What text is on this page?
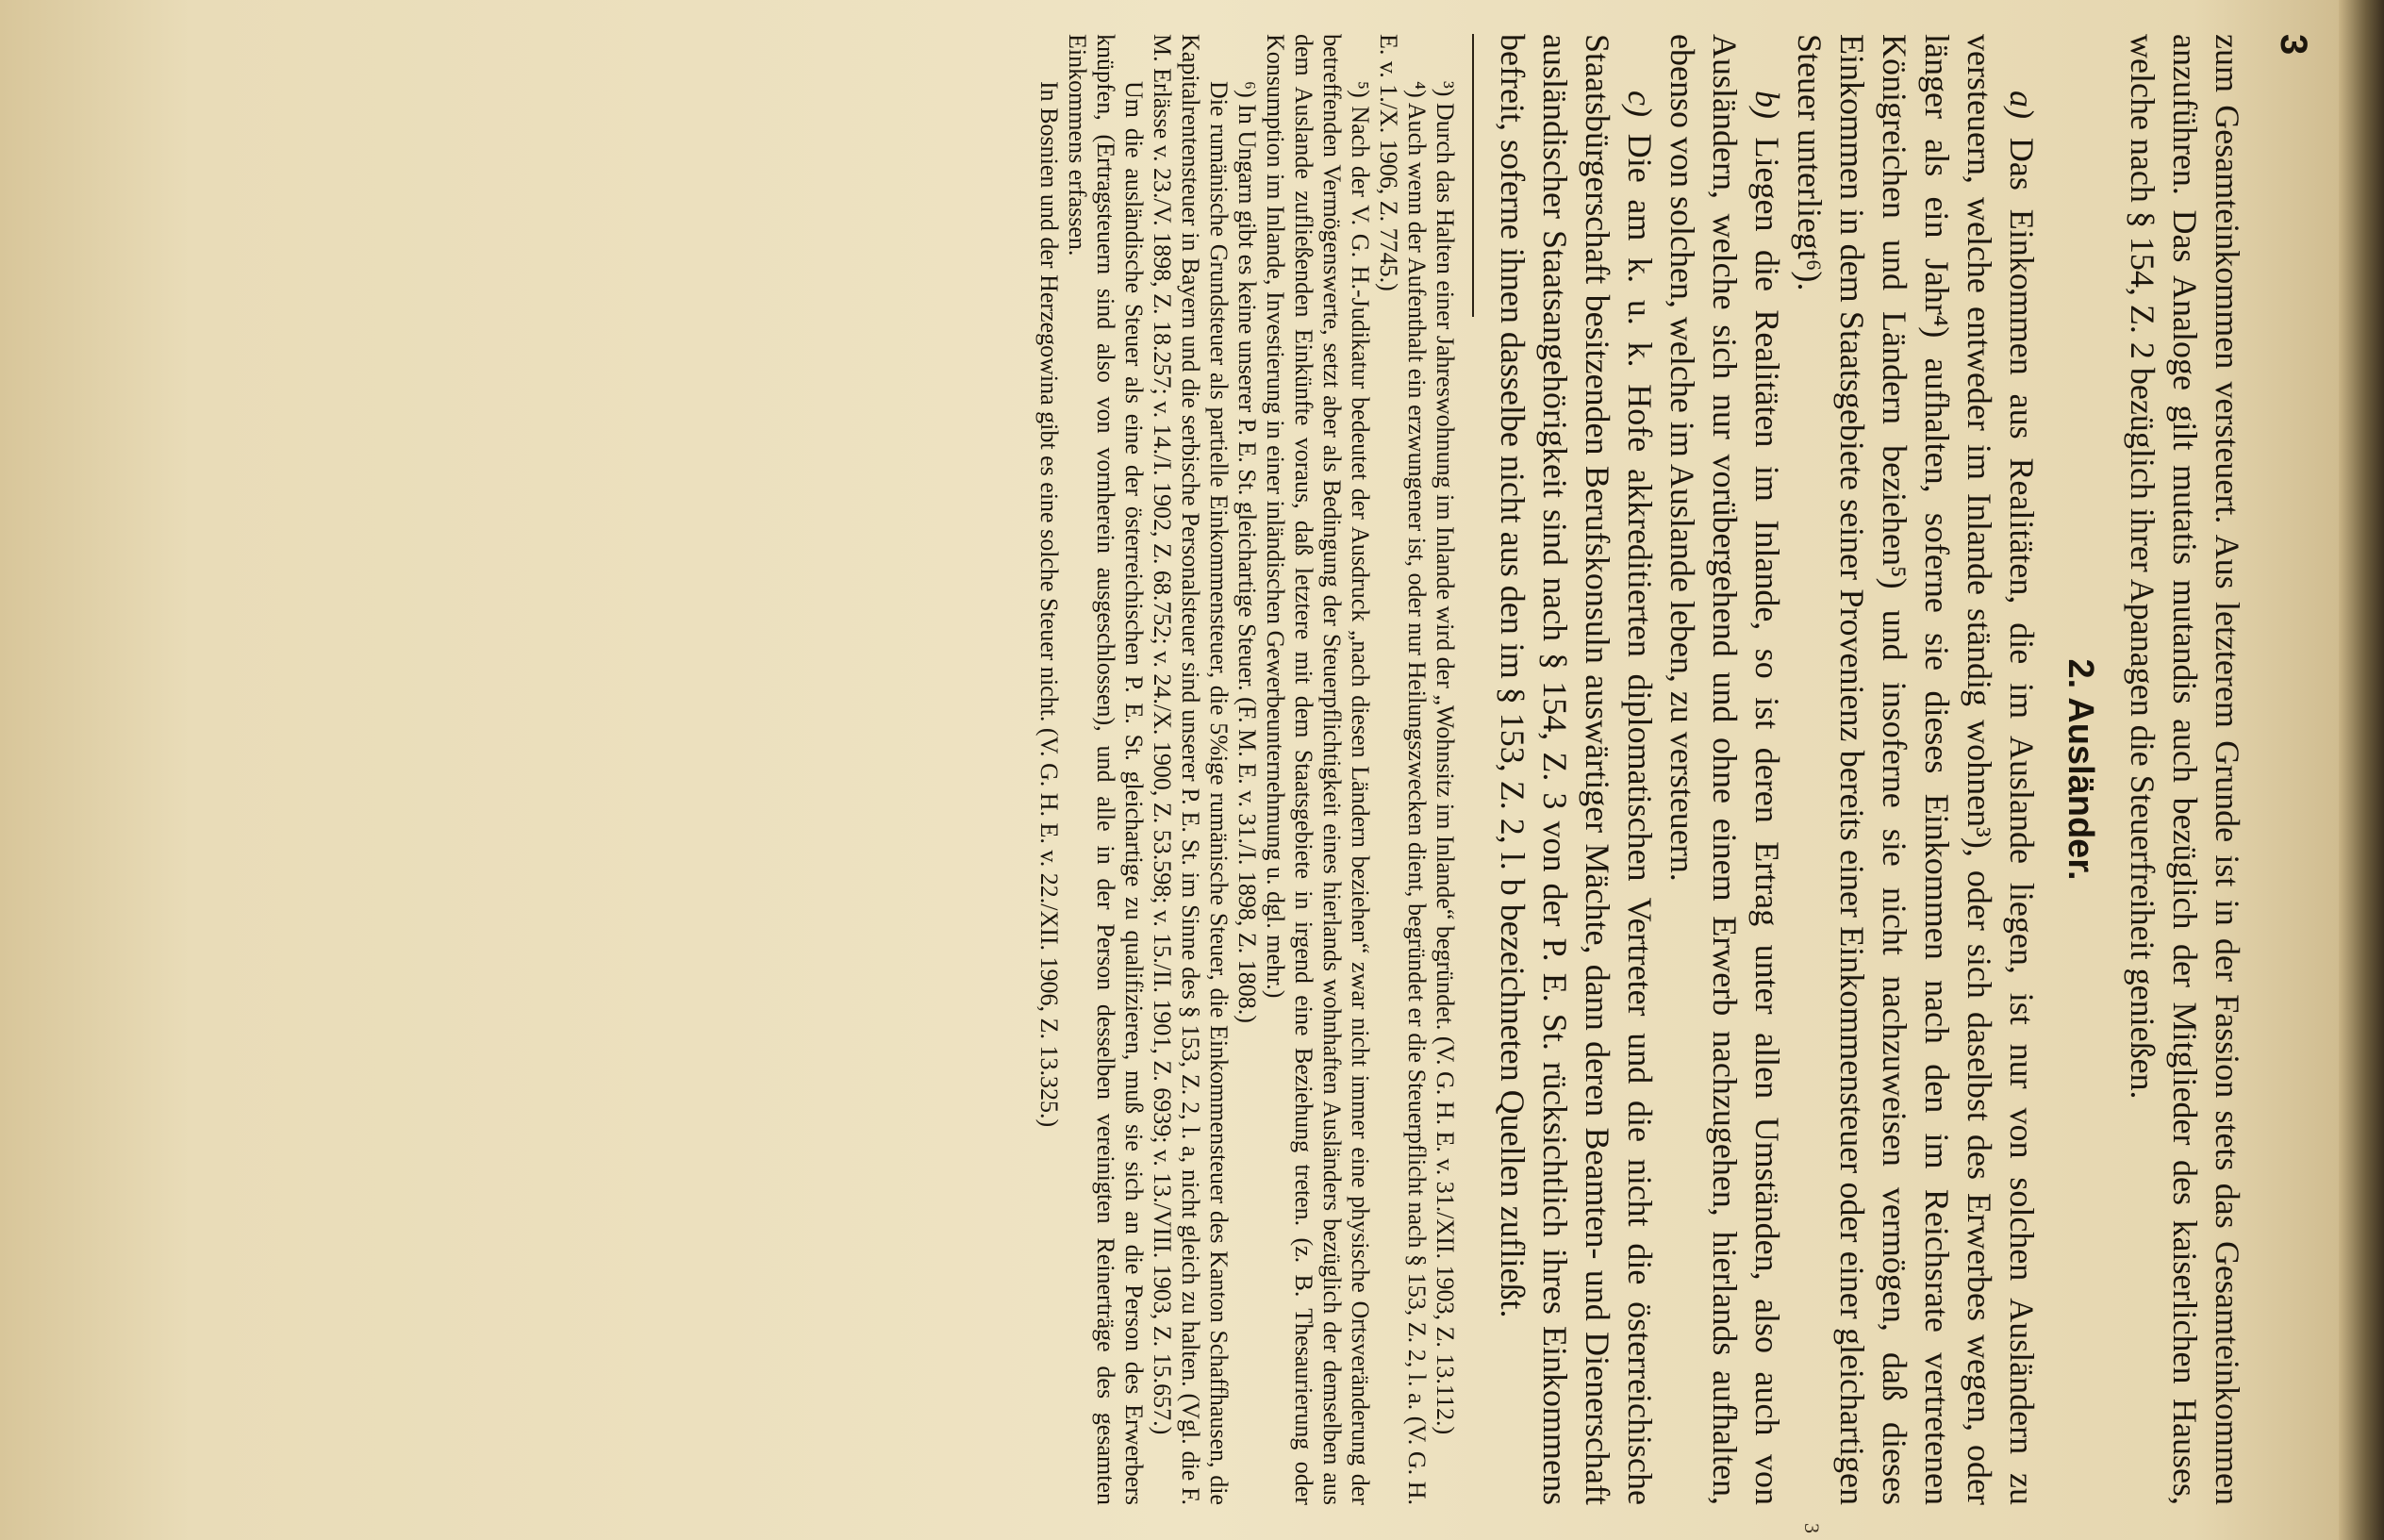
3
3

zum Gesamteinkommen versteuert. Aus letzterem Grunde ist in der Fassion stets das Gesamteinkommen anzuführen. Das Analoge gilt mutatis mutandis auch bezüglich der Mitglieder des kaiserlichen Hauses, welche nach § 154, Z. 2 bezüglich ihrer Apanagen die Steuerfreiheit genießen.

2. Ausländer.

a) Das Einkommen aus Realitäten, die im Auslande liegen, ist nur von solchen Ausländern zu versteuern, welche entweder im Inlande ständig wohnen³), oder sich daselbst des Erwerbes wegen, oder länger als ein Jahr⁴) aufhalten, soferne sie dieses Einkommen nach den im Reichsrate vertretenen Königreichen und Ländern beziehen⁵) und insoferne sie nicht nachzuweisen vermögen, daß dieses Einkommen in dem Staatsgebiete seiner Provenienz bereits einer Einkommensteuer oder einer gleichartigen Steuer unterliegt⁶).

b) Liegen die Realitäten im Inlande, so ist deren Ertrag unter allen Umständen, also auch von Ausländern, welche sich nur vorübergehend und ohne einem Erwerb nachzugehen, hierlands aufhalten, ebenso von solchen, welche im Auslande leben, zu versteuern.

c) Die am k. u. k. Hofe akkreditierten diplomatischen Vertreter und die nicht die österreichische Staatsbürgerschaft besitzenden Berufskonsuln auswärtiger Mächte, dann deren Beamten- und Dienerschaft ausländischer Staatsangehörigkeit sind nach § 154, Z. 3 von der P. E. St. rücksichtlich ihres Einkommens befreit, soferne ihnen dasselbe nicht aus den im § 153, Z. 2, l. b bezeichneten Quellen zufließt.

³) Durch das Halten einer Jahreswohnung im Inlande wird der „Wohnsitz im Inlande“ begründet. (V. G. H. E. v. 31./XII. 1903, Z. 13.112.)

⁴) Auch wenn der Aufenthalt ein erzwungener ist, oder nur Heilungszwecken dient, begründet er die Steuerpflicht nach § 153, Z. 2, l. a. (V. G. H. E. v. 1./X. 1906, Z. 7745.)

⁵) Nach der V. G. H.-Judikatur bedeutet der Ausdruck „nach diesen Ländern beziehen“ zwar nicht immer eine physische Ortsveränderung der betreffenden Vermögenswerte, setzt aber als Bedingung der Steuerpflichtigkeit eines hierlands wohnhaften Ausländers bezüglich der demselben aus dem Auslande zufließenden Einkünfte voraus, daß letztere mit dem Staatsgebiete in irgend eine Beziehung treten. (z. B. Thesaurierung oder Konsumption im Inlande, Investierung in einer inländischen Gewerbeunternehmung u. dgl. mehr.)

⁶) In Ungarn gibt es keine unserer P. E. St. gleichartige Steuer. (F. M. E. v. 31./I. 1898, Z. 1808.)

Die rumänische Grundsteuer als partielle Einkommensteuer, die 5%ige rumänische Steuer, die Einkommensteuer des Kanton Schaffhausen, die Kapitalrentensteuer in Bayern und die serbische Personalsteuer sind unserer P. E. St. im Sinne des § 153, Z. 2, l. a, nicht gleich zu halten. (Vgl. die F. M. Erlässe v. 23./V. 1898, Z. 18.257; v. 14./I. 1902, Z. 68.752; v. 24./X. 1900, Z. 53.598; v. 15./II. 1901, Z. 6939; v. 13./VIII. 1903, Z. 15.657.)

Um die ausländische Steuer als eine der österreichischen P. E. St. gleichartige zu qualifizieren, muß sie sich an die Person des Erwerbers knüpfen, (Ertragsteuern sind also von vornherein ausgeschlossen), und alle in der Person desselben vereinigten Reinerträge des gesamten Einkommens erfassen.

In Bosnien und der Herzegowina gibt es eine solche Steuer nicht. (V. G. H. E. v. 22./XII. 1906, Z. 13.325.)
